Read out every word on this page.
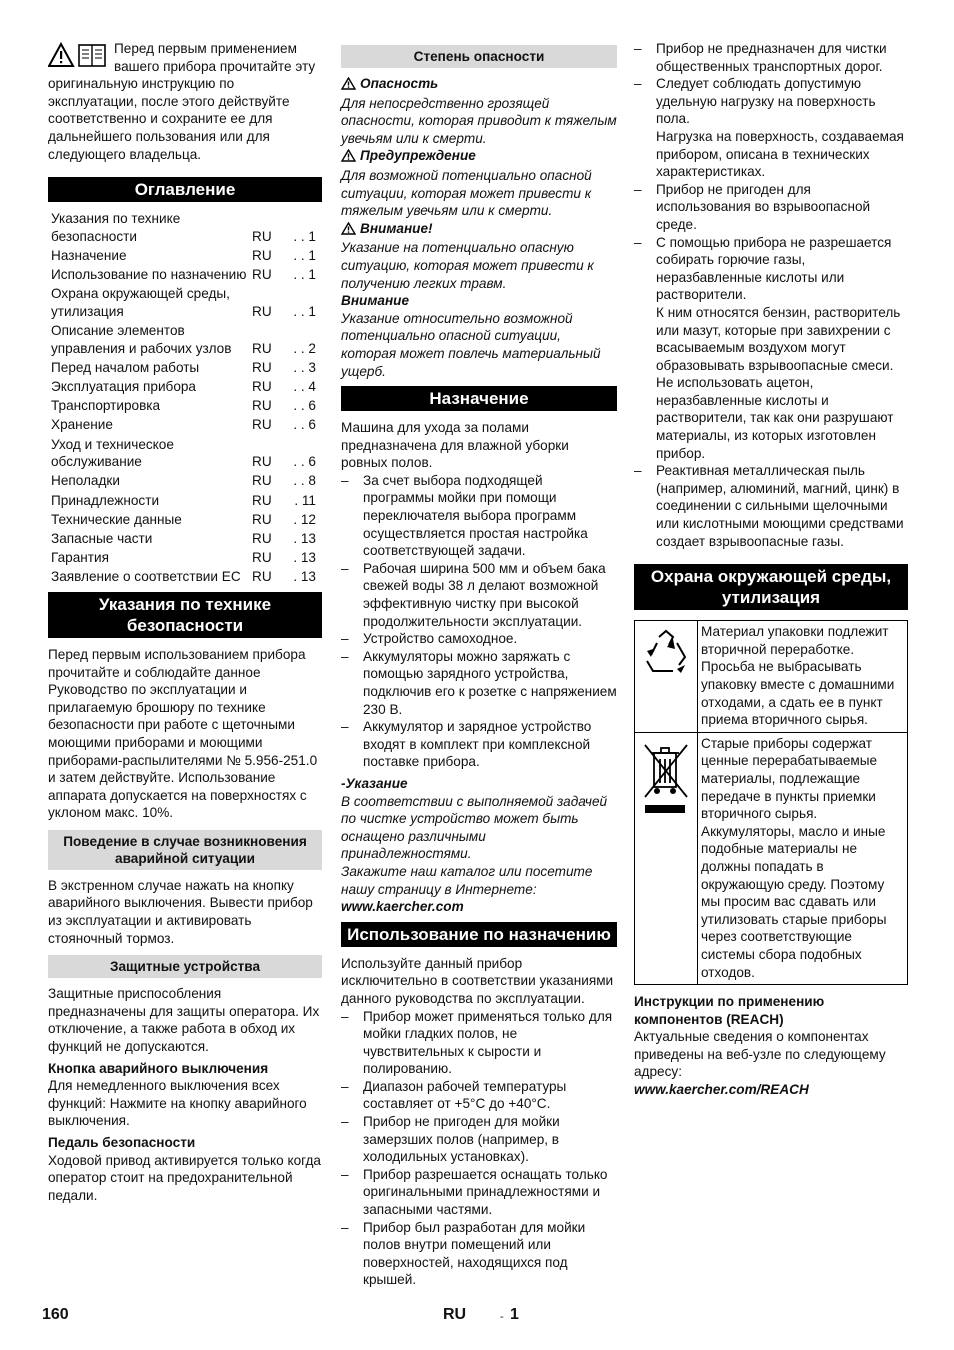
Перед первым применением вашего прибора прочитайте эту оригинальную инструкцию по эксплуатации, после этого действуйте соответственно и сохраните ее для дальнейшего пользования или для следующего владельца.

Оглавление
Указания по технике безопасности	RU	. . 1
Назначение	RU	. . 1
Использование по назначению RU	. . 1
Охрана окружающей среды, утилизация	RU	. . 1
Описание элементов управления и рабочих узлов	RU	. . 2
Перед началом работы	RU	. . 3
Эксплуатация прибора	RU	. . 4
Транспортировка	RU	. . 6
Хранение	RU	. . 6
Уход и техническое обслуживание	RU	. . 6
Неполадки	RU	. . 8
Принадлежности	RU	. 11
Технические данные	RU	. 12
Запасные части	RU	. 13
Гарантия	RU	. 13
Заявление о соответствии ЕС RU	. 13
Указания по технике безопасности

Перед первым использованием прибора прочитайте и соблюдайте данное Руководство по эксплуатации и прилагаемую брошюру по технике безопасности при работе с щеточными моющими приборами и моющими приборами-распылителями № 5.956-251.0 и затем действуйте. Использование аппарата допускается на поверхностях с уклоном макс. 10%.

Поведение в случае возникновения аварийной ситуации

В экстренном случае нажать на кнопку аварийного выключения. Вывести прибор из эксплуатации и активировать стояночный тормоз.

Защитные устройства

Защитные приспособления предназначены для защиты оператора. Их отключение, а также работа в обход их функций не допускаются.

Кнопка аварийного выключения

Для немедленного выключения всех функций: Нажмите на кнопку аварийного выключения.

Педаль безопасности

Ходовой привод активируется только когда оператор стоит на предохранительной педали.

Степень опасности

Опасность

Для непосредственно грозящей опасности, которая приводит к тяжелым увечьям или к смерти.

Предупреждение

Для возможной потенциально опасной ситуации, которая может привести к тяжелым увечьям или к смерти.

Внимание!

Указание на потенциально опасную ситуацию, которая может привести к получению легких травм.

Внимание

Указание относительно возможной потенциально опасной ситуации, которая может повлечь материальный ущерб.

Назначение

Машина для ухода за полами предназначена для влажной уборки ровных полов.

– За счет выбора подходящей программы мойки при помощи переключателя выбора программ осуществляется простая настройка соответствующей задачи.
– Рабочая ширина 500 мм и объем бака свежей воды 38 л делают возможной эффективную чистку при высокой продолжительности эксплуатации.
– Устройство самоходное.
– Аккумуляторы можно заряжать с помощью зарядного устройства, подключив его к розетке с напряжением 230 В.
– Аккумулятор и зарядное устройство входят в комплект при комплексной поставке прибора.

-Указание

В соответствии с выполняемой задачей по чистке устройство может быть оснащено различными принадлежностями.

Закажите наш каталог или посетите нашу страницу в Интернете:

www.kaercher.com

Использование по назначению

Используйте данный прибор исключительно в соответствии указаниями данного руководства по эксплуатации.

– Прибор может применяться только для мойки гладких полов, не чувствительных к сырости и полированию.
– Диапазон рабочей температуры составляет от +5°C до +40°C.
– Прибор не пригоден для мойки замерзших полов (например, в холодильных установках).
– Прибор разрешается оснащать только оригинальными принадлежностями и запасными частями.
– Прибор был разработан для мойки полов внутри помещений или поверхностей, находящихся под крышей.
– Прибор не предназначен для чистки общественных транспортных дорог.
– Следует соблюдать допустимую удельную нагрузку на поверхность пола.
Нагрузка на поверхность, создаваемая прибором, описана в технических характеристиках.
– Прибор не пригоден для использования во взрывоопасной среде.
– С помощью прибора не разрешается собирать горючие газы, неразбавленные кислоты или растворители.
К ним относятся бензин, растворитель или мазут, которые при завихрении с всасываемым воздухом могут образовывать взрывоопасные смеси. Не использовать ацетон, неразбавленные кислоты и растворители, так как они разрушают материалы, из которых изготовлен прибор.
– Реактивная металлическая пыль (например, алюминий, магний, цинк) в соединении с сильными щелочными или кислотными моющими средствами создает взрывоопасные газы.
Охрана окружающей среды, утилизация
	Материал упаковки подлежит вторичной переработке. Просьба не выбрасывать упаковку вместе с домашними отходами, а сдать ее в пункт приема вторичного сырья.
	Старые приборы содержат ценные перерабатываемые материалы, подлежащие передаче в пункты приемки вторичного сырья. Аккумуляторы, масло и иные подобные материалы не должны попадать в окружающую среду. Поэтому мы просим вас сдавать или утилизовать старые приборы через соответствующие системы сбора подобных отходов.

Инструкции по применению компонентов (REACH)

Актуальные сведения о компонентах приведены на веб-узле по следующему адресу:

www.kaercher.com/REACH

160	RU	- 1
